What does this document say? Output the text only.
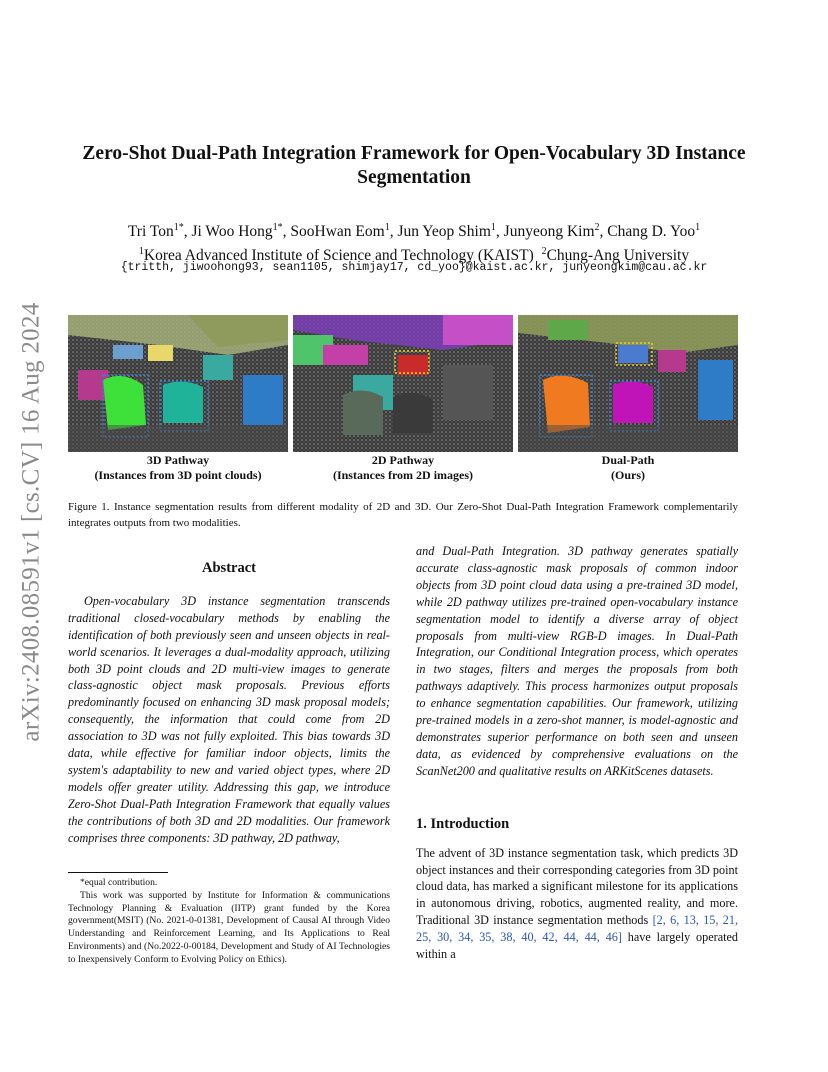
arXiv:2408.08591v1 [cs.CV] 16 Aug 2024
Zero-Shot Dual-Path Integration Framework for Open-Vocabulary 3D Instance
Segmentation
Tri Ton$^{1*}$, Ji Woo Hong$^{1*}$, SooHwan Eom$^1$, Jun Yeop Shim$^1$, Junyeong Kim$^2$, Chang D. Yoo$^1$
$^1$Korea Advanced Institute of Science and Technology (KAIST) $^2$Chung-Ang University
{tritth, jiwoohong93, sean1105, shimjay17, cd_yoo}@kaist.ac.kr, junyeongkim@cau.ac.kr
3D Pathway
(Instances from 3D point clouds)
2D Pathway
(Instances from 2D images)
Dual-Path
(Ours)
Figure 1. Instance segmentation results from different modality of 2D and 3D. Our Zero-Shot Dual-Path Integration Framework complementarily integrates outputs from two modalities.
Abstract

Open-vocabulary 3D instance segmentation transcends traditional closed-vocabulary methods by enabling the identification of both previously seen and unseen objects in real-world scenarios. It leverages a dual-modality approach, utilizing both 3D point clouds and 2D multi-view images to generate class-agnostic object mask proposals. Previous efforts predominantly focused on enhancing 3D mask proposal models; consequently, the information that could come from 2D association to 3D was not fully exploited. This bias towards 3D data, while effective for familiar indoor objects, limits the system's adaptability to new and varied object types, where 2D models offer greater utility. Addressing this gap, we introduce Zero-Shot Dual-Path Integration Framework that equally values the contributions of both 3D and 2D modalities. Our framework comprises three components: 3D pathway, 2D pathway,

and Dual-Path Integration. 3D pathway generates spatially accurate class-agnostic mask proposals of common indoor objects from 3D point cloud data using a pre-trained 3D model, while 2D pathway utilizes pre-trained open-vocabulary instance segmentation model to identify a diverse array of object proposals from multi-view RGB-D images. In Dual-Path Integration, our Conditional Integration process, which operates in two stages, filters and merges the proposals from both pathways adaptively. This process harmonizes output proposals to enhance segmentation capabilities. Our framework, utilizing pre-trained models in a zero-shot manner, is model-agnostic and demonstrates superior performance on both seen and unseen data, as evidenced by comprehensive evaluations on the ScanNet200 and qualitative results on ARKitScenes datasets.

1. Introduction

The advent of 3D instance segmentation task, which predicts 3D object instances and their corresponding categories from 3D point cloud data, has marked a significant milestone for its applications in autonomous driving, robotics, augmented reality, and more. Traditional 3D instance segmentation methods [2, 6, 13, 15, 21, 25, 30, 34, 35, 38, 40, 42, 44, 44, 46] have largely operated within a

*equal contribution.

This work was supported by Institute for Information & communications Technology Planning & Evaluation (IITP) grant funded by the Korea government(MSIT) (No. 2021-0-01381, Development of Causal AI through Video Understanding and Reinforcement Learning, and Its Applications to Real Environments) and (No.2022-0-00184, Development and Study of AI Technologies to Inexpensively Conform to Evolving Policy on Ethics).
